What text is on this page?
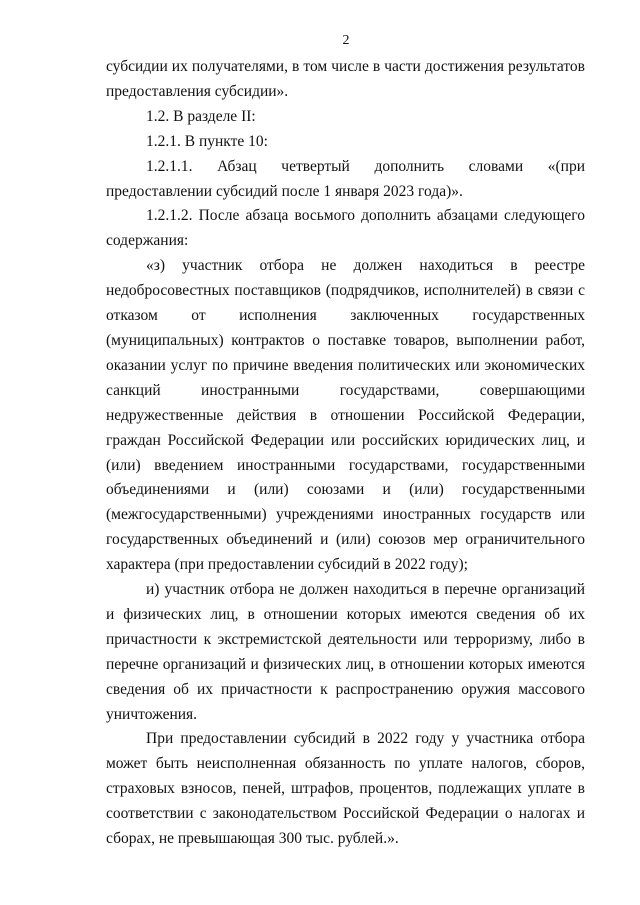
2

субсидии их получателями, в том числе в части достижения результатов предоставления субсидии».

1.2. В разделе II:

1.2.1. В пункте 10:

1.2.1.1. Абзац четвертый дополнить словами «(при предоставлении субсидий после 1 января 2023 года)».

1.2.1.2. После абзаца восьмого дополнить абзацами следующего содержания:

«з) участник отбора не должен находиться в реестре недобросовестных поставщиков (подрядчиков, исполнителей) в связи с отказом от исполнения заключенных государственных (муниципальных) контрактов о поставке товаров, выполнении работ, оказании услуг по причине введения политических или экономических санкций иностранными государствами, совершающими недружественные действия в отношении Российской Федерации, граждан Российской Федерации или российских юридических лиц, и (или) введением иностранными государствами, государственными объединениями и (или) союзами и (или) государственными (межгосударственными) учреждениями иностранных государств или государственных объединений и (или) союзов мер ограничительного характера (при предоставлении субсидий в 2022 году);

и) участник отбора не должен находиться в перечне организаций и физических лиц, в отношении которых имеются сведения об их причастности к экстремистской деятельности или терроризму, либо в перечне организаций и физических лиц, в отношении которых имеются сведения об их причастности к распространению оружия массового уничтожения.

При предоставлении субсидий в 2022 году у участника отбора может быть неисполненная обязанность по уплате налогов, сборов, страховых взносов, пеней, штрафов, процентов, подлежащих уплате в соответствии с законодательством Российской Федерации о налогах и сборах, не превышающая 300 тыс. рублей.».
